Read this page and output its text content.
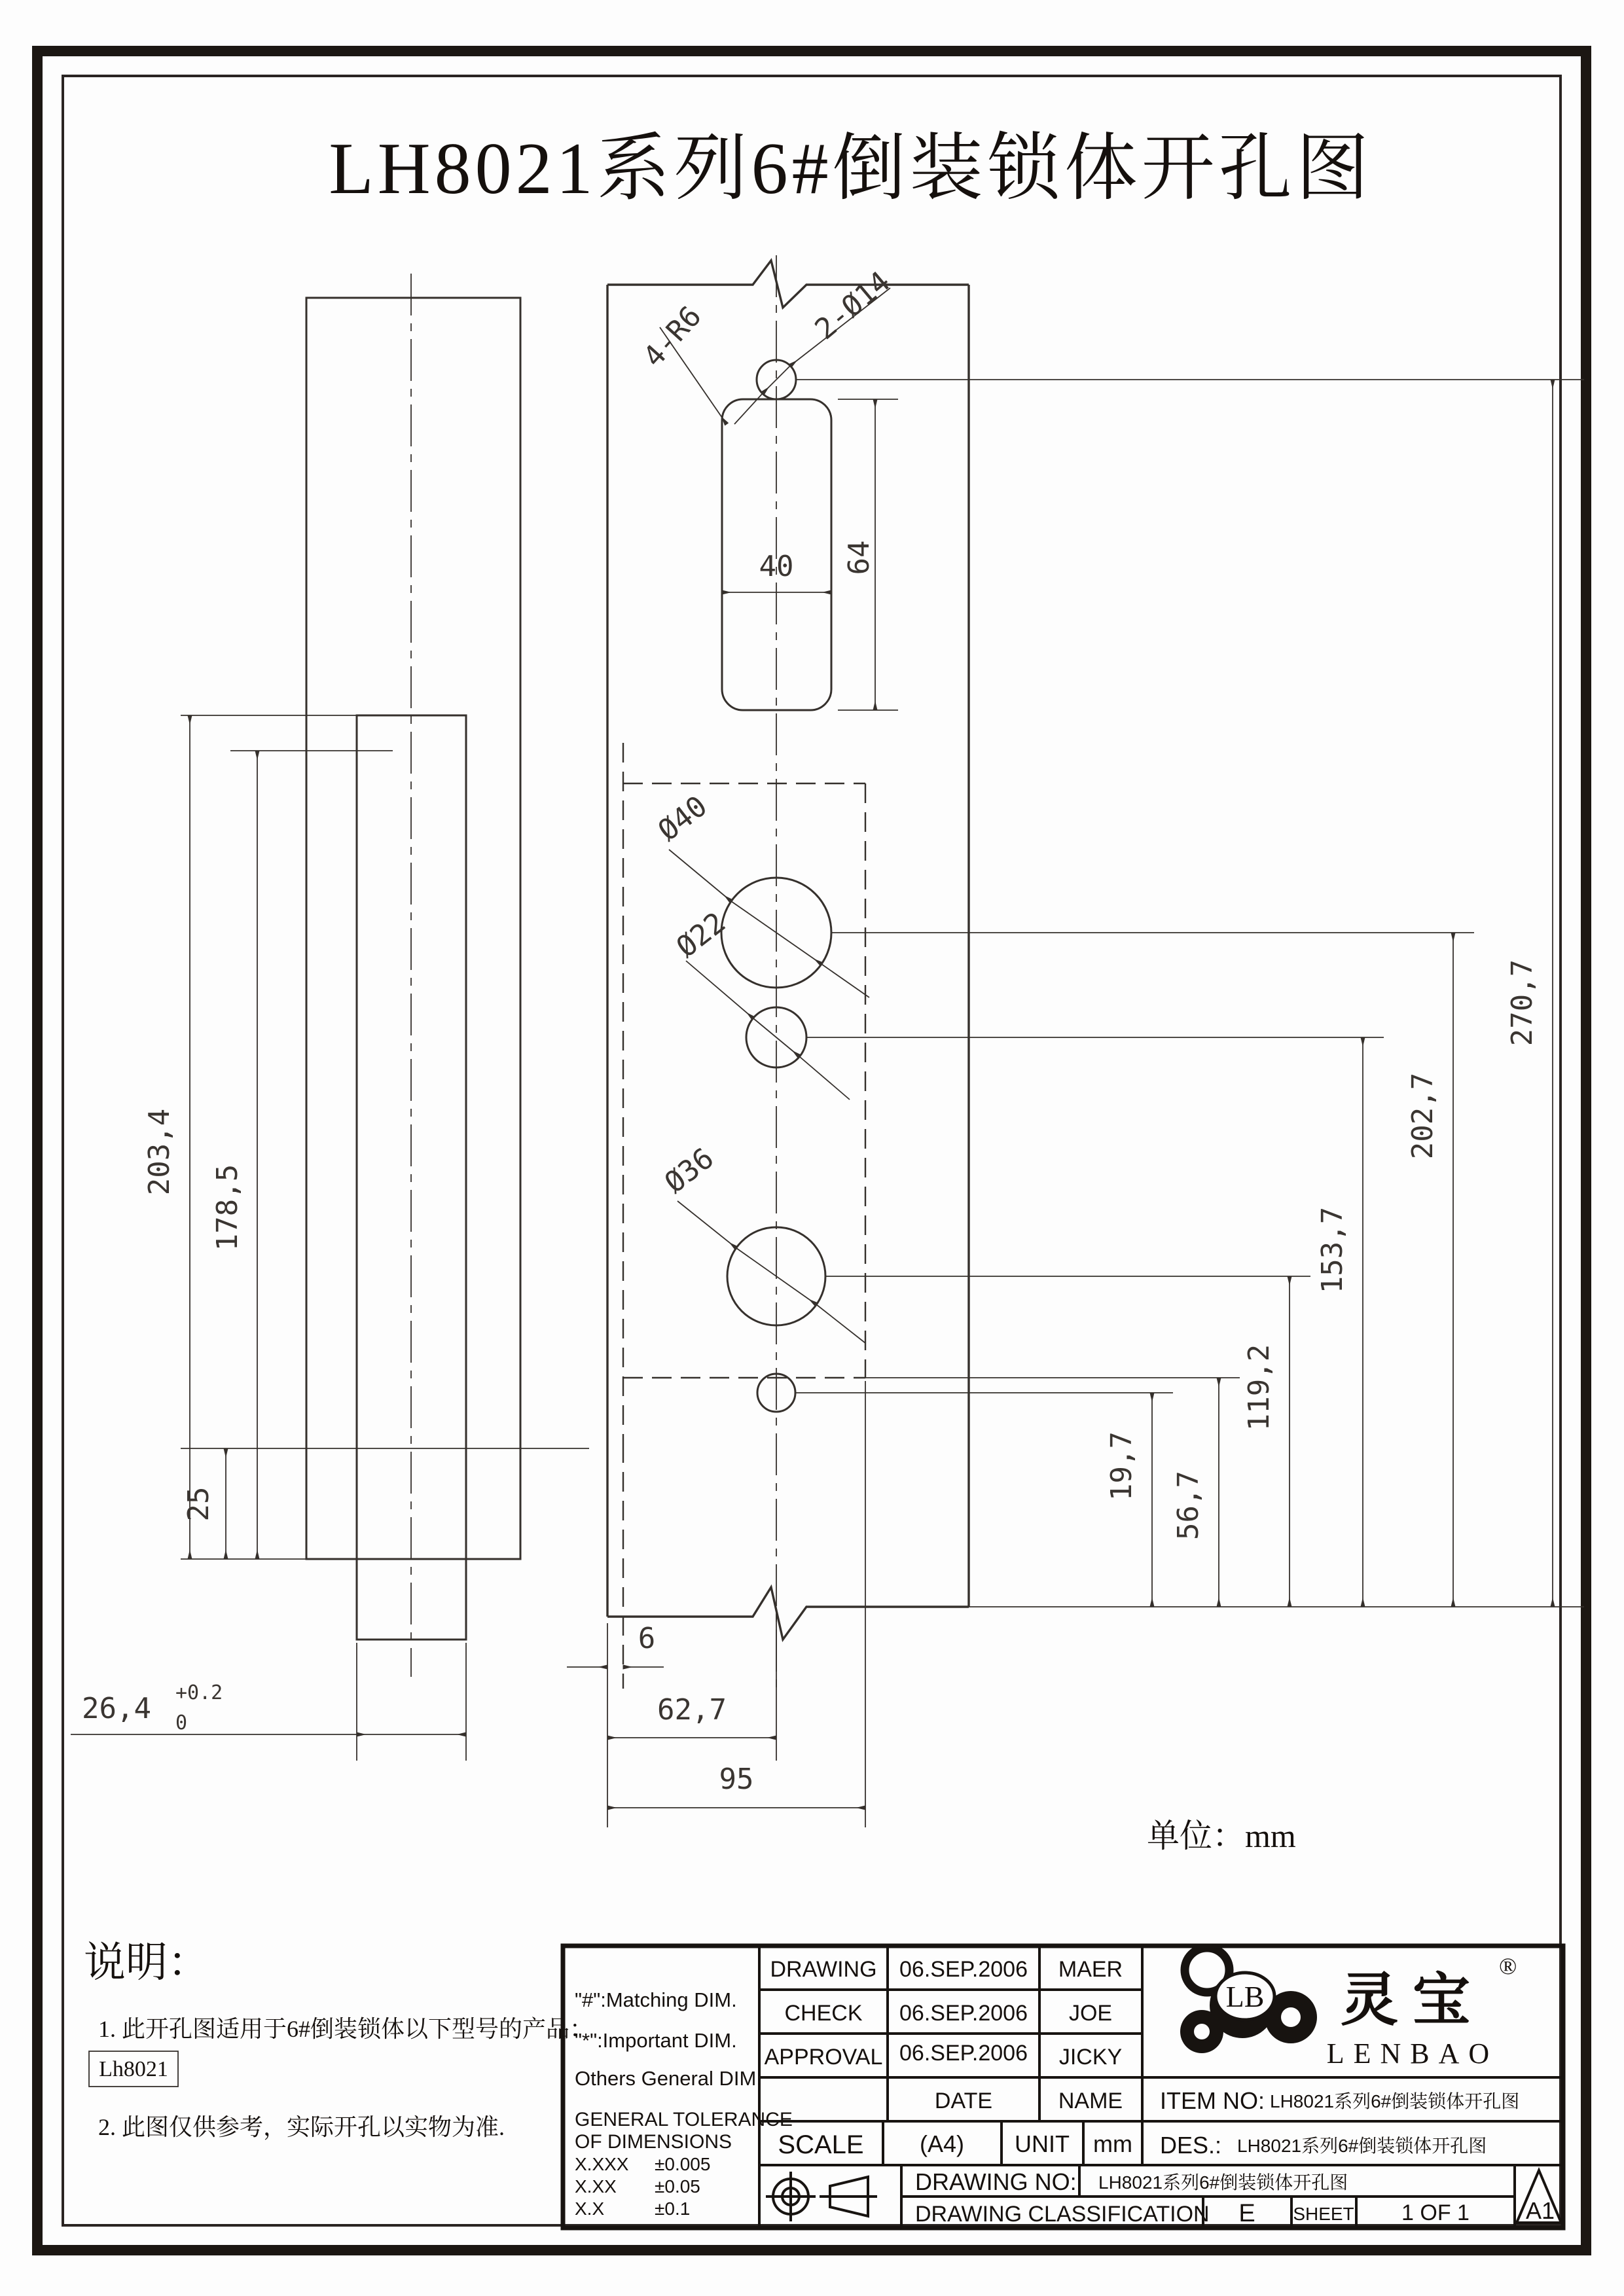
LH8021系列6#倒装锁体开孔图
203,4
178,5
25
26,4 +0.2
0
4-R6	2-Ø14
Ø40
Ø22
Ø36
40 64
19,7
56,7
119,2
153,7
202,7
270,7
6
62,7
95
单位：mm
说明：
1. 此开孔图适用于6#倒装锁体以下型号的产品：
Lh8021
2. 此图仅供参考，实际开孔以实物为准.
"#":Matching DIM.
"*":Important DIM.
Others General DIM.
GENERAL TOLERANCE
OF DIMENSIONS
X.XXX ±0.005
X.XX ±0.05
X.X	±0.1
DRAWING 06.SEP.2006 MAER
CHECK 06.SEP.2006 JOE
APPROVAL 06.SEP.2006 JICKY
DATE	NAME
SCALE (A4) UNIT mm
ITEM NO: LH8021系列6#倒装锁体开孔图
DES.: LH8021系列6#倒装锁体开孔图
DRAWING NO: LH8021系列6#倒装锁体开孔图
DRAWING CLASSIFICATION E SHEET 1 OF 1 A1
LB 灵宝
®
LENBAO
